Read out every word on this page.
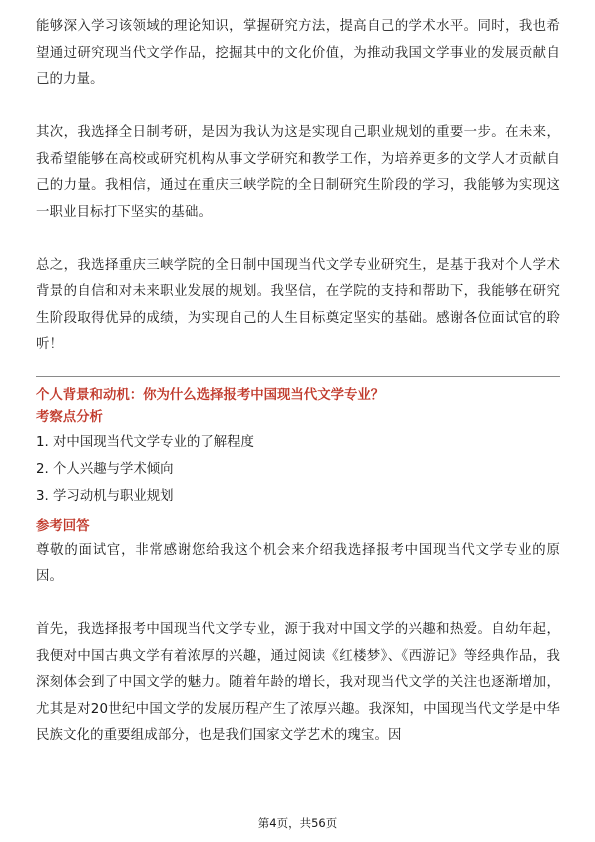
能够深入学习该领域的理论知识，掌握研究方法，提高自己的学术水平。同时，我也希望通过研究现当代文学作品，挖掘其中的文化价值，为推动我国文学事业的发展贡献自己的力量。

其次，我选择全日制考研，是因为我认为这是实现自己职业规划的重要一步。在未来，我希望能够在高校或研究机构从事文学研究和教学工作，为培养更多的文学人才贡献自己的力量。我相信，通过在重庆三峡学院的全日制研究生阶段的学习，我能够为实现这一职业目标打下坚实的基础。

总之，我选择重庆三峡学院的全日制中国现当代文学专业研究生，是基于我对个人学术背景的自信和对未来职业发展的规划。我坚信，在学院的支持和帮助下，我能够在研究生阶段取得优异的成绩，为实现自己的人生目标奠定坚实的基础。感谢各位面试官的聆听！

个人背景和动机：你为什么选择报考中国现当代文学专业？

考察点分析

1. 对中国现当代文学专业的了解程度
2. 个人兴趣与学术倾向
3. 学习动机与职业规划

参考回答

尊敬的面试官，非常感谢您给我这个机会来介绍我选择报考中国现当代文学专业的原因。

首先，我选择报考中国现当代文学专业，源于我对中国文学的兴趣和热爱。自幼年起，我便对中国古典文学有着浓厚的兴趣，通过阅读《红楼梦》、《西游记》等经典作品，我深刻体会到了中国文学的魅力。随着年龄的增长，我对现当代文学的关注也逐渐增加，尤其是对20世纪中国文学的发展历程产生了浓厚兴趣。我深知，中国现当代文学是中华民族文化的重要组成部分，也是我们国家文学艺术的瑰宝。因

第4页，共56页
